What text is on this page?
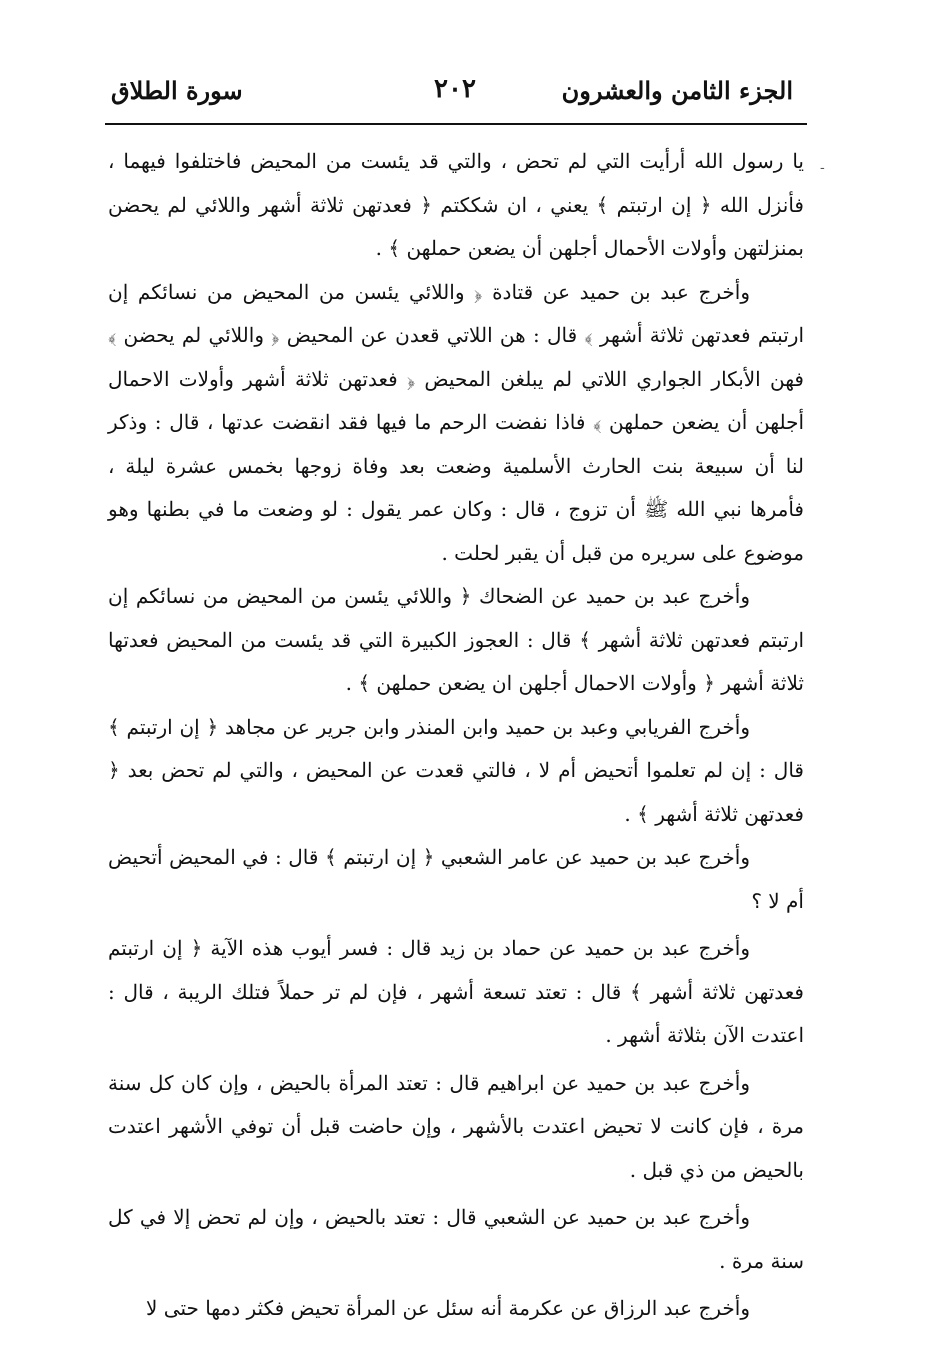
الجزء الثامن والعشرون
٢٠٢
سورة الطلاق
-

يا رسول الله أرأيت التي لم تحض ، والتي قد يئست من المحيض فاختلفوا فيهما ، فأنزل الله ﴿ إن ارتبتم ﴾ يعني ، ان شككتم ﴿ فعدتهن ثلاثة أشهر واللائي لم يحضن بمنزلتهن وأولات الأحمال أجلهن أن يضعن حملهن ﴾ .

وأخرج عبد بن حميد عن قتادة ﴿ واللائي يئسن من المحيض من نسائكم إن ارتبتم فعدتهن ثلاثة أشهر ﴾ قال : هن اللاتي قعدن عن المحيض ﴿ واللائي لم يحضن ﴾ فهن الأبكار الجواري اللاتي لم يبلغن المحيض ﴿ فعدتهن ثلاثة أشهر وأولات الاحمال أجلهن أن يضعن حملهن ﴾ فاذا نفضت الرحم ما فيها فقد انقضت عدتها ، قال : وذكر لنا أن سبيعة بنت الحارث الأسلمية وضعت بعد وفاة زوجها بخمس عشرة ليلة ، فأمرها نبي الله ﷺ أن تزوج ، قال : وكان عمر يقول : لو وضعت ما في بطنها وهو موضوع على سريره من قبل أن يقبر لحلت .

وأخرج عبد بن حميد عن الضحاك ﴿ واللائي يئسن من المحيض من نسائكم إن ارتبتم فعدتهن ثلاثة أشهر ﴾ قال : العجوز الكبيرة التي قد يئست من المحيض فعدتها ثلاثة أشهر ﴿ وأولات الاحمال أجلهن ان يضعن حملهن ﴾ .

وأخرج الفريابي وعبد بن حميد وابن المنذر وابن جرير عن مجاهد ﴿ إن ارتبتم ﴾ قال : إن لم تعلموا أتحيض أم لا ، فالتي قعدت عن المحيض ، والتي لم تحض بعد ﴿ فعدتهن ثلاثة أشهر ﴾ .

وأخرج عبد بن حميد عن عامر الشعبي ﴿ إن ارتبتم ﴾ قال : في المحيض أتحيض أم لا ؟

وأخرج عبد بن حميد عن حماد بن زيد قال : فسر أيوب هذه الآية ﴿ إن ارتبتم فعدتهن ثلاثة أشهر ﴾ قال : تعتد تسعة أشهر ، فإن لم تر حملاً فتلك الريبة ، قال : اعتدت الآن بثلاثة أشهر .

وأخرج عبد بن حميد عن ابراهيم قال : تعتد المرأة بالحيض ، وإن كان كل سنة مرة ، فإن كانت لا تحيض اعتدت بالأشهر ، وإن حاضت قبل أن توفي الأشهر اعتدت بالحيض من ذي قبل .

وأخرج عبد بن حميد عن الشعبي قال : تعتد بالحيض ، وإن لم تحض إلا في كل سنة مرة .

وأخرج عبد الرزاق عن عكرمة أنه سئل عن المرأة تحيض فكثر دمها حتى لا
